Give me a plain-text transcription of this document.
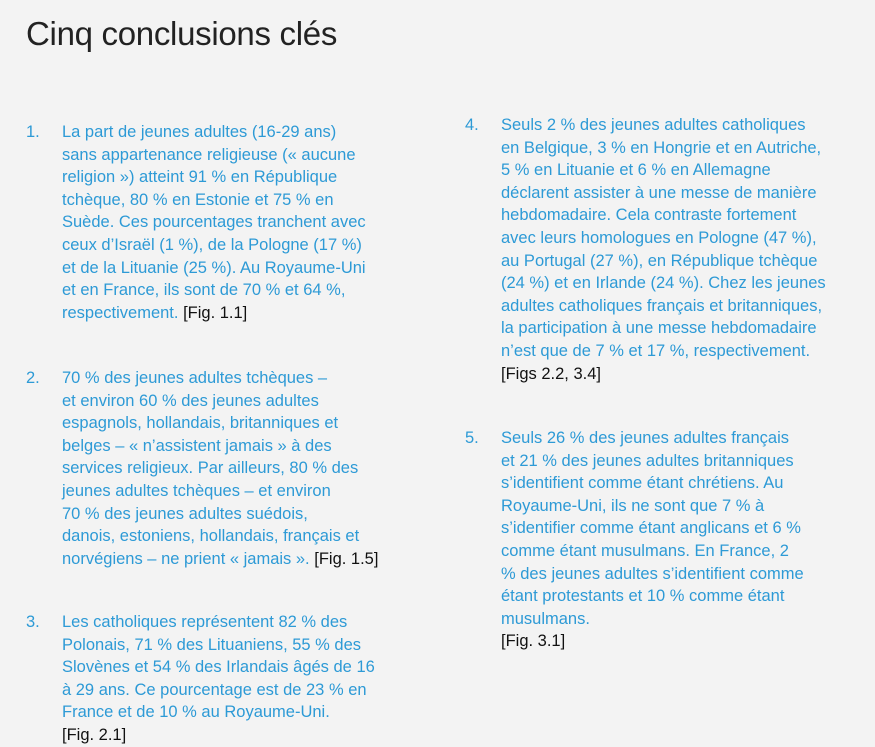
Cinq conclusions clés
1. La part de jeunes adultes (16-29 ans)
sans appartenance religieuse (« aucune
religion ») atteint 91 % en République
tchèque, 80 % en Estonie et 75 % en
Suède. Ces pourcentages tranchent avec
ceux d’Israël (1 %), de la Pologne (17 %)
et de la Lituanie (25 %). Au Royaume-Uni
et en France, ils sont de 70 % et 64 %,
respectivement. [Fig. 1.1]
2. 70 % des jeunes adultes tchèques –
et environ 60 % des jeunes adultes
espagnols, hollandais, britanniques et
belges – « n’assistent jamais » à des
services religieux. Par ailleurs, 80 % des
jeunes adultes tchèques – et environ
70 % des jeunes adultes suédois,
danois, estoniens, hollandais, français et
norvégiens – ne prient « jamais ». [Fig. 1.5]
3. Les catholiques représentent 82 % des
Polonais, 71 % des Lituaniens, 55 % des
Slovènes et 54 % des Irlandais âgés de 16
à 29 ans. Ce pourcentage est de 23 % en
France et de 10 % au Royaume-Uni.
[Fig. 2.1]
4. Seuls 2 % des jeunes adultes catholiques
en Belgique, 3 % en Hongrie et en Autriche,
5 % en Lituanie et 6 % en Allemagne
déclarent assister à une messe de manière
hebdomadaire. Cela contraste fortement
avec leurs homologues en Pologne (47 %),
au Portugal (27 %), en République tchèque
(24 %) et en Irlande (24 %). Chez les jeunes
adultes catholiques français et britanniques,
la participation à une messe hebdomadaire
n’est que de 7 % et 17 %, respectivement.
[Figs 2.2, 3.4]
5. Seuls 26 % des jeunes adultes français
et 21 % des jeunes adultes britanniques
s’identifient comme étant chrétiens. Au
Royaume-Uni, ils ne sont que 7 % à
s’identifier comme étant anglicans et 6 %
comme étant musulmans. En France, 2
% des jeunes adultes s’identifient comme
étant protestants et 10 % comme étant
musulmans.
[Fig. 3.1]
